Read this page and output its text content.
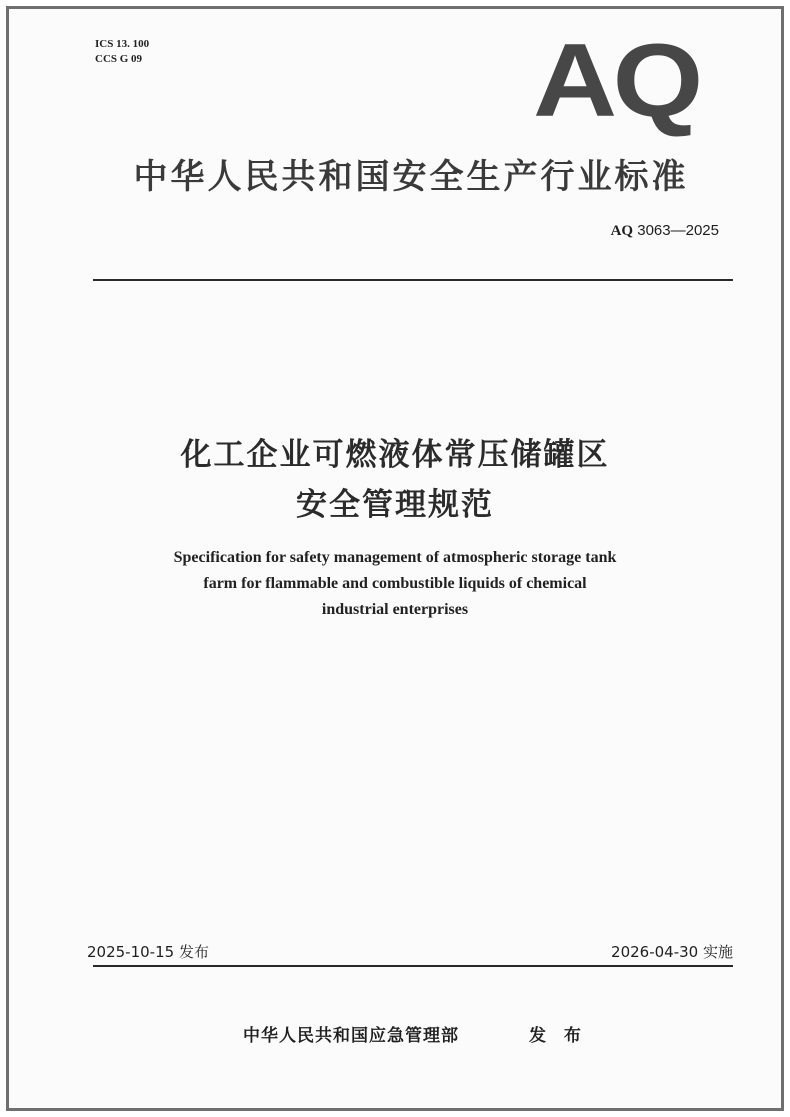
ICS 13. 100
CCS G 09	AQ
中华人民共和国安全生产行业标准
AQ 3063—2025
化工企业可燃液体常压储罐区
安全管理规范
Specification for safety management of atmospheric storage tank
farm for flammable and combustible liquids of chemical
industrial enterprises
2025-10-15 发布	2026-04-30 实施
中华人民共和国应急管理部	发 布
